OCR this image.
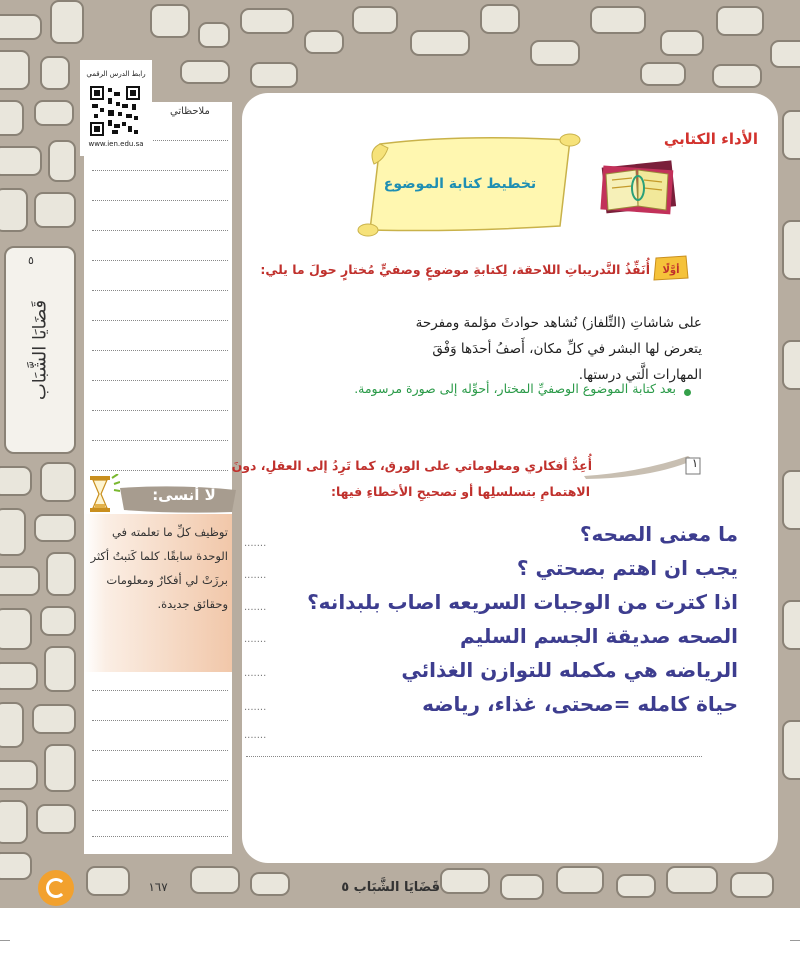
ملاحظاتي
رابط الدرس الرقمي
www.ien.edu.sa
٥
قَضَايَا الشَّبَاب
الأداء الكتابي
تخطيط كتابة الموضوع
أوَّلًا
أُنَفِّذُ التَّدريباتِ اللاحقة، لِكتابةِ موضوعٍ وصفيٍّ مُختارٍ حولَ ما يلي:
على شاشاتِ (التِّلفاز) نُشاهد حوادثَ مؤلمة ومفرحة يتعرض لها البشر في كلِّ مكان، أَصفُ أحدَها وَفْقَ المهارات الَّتي درستها.
بعد كتابة الموضوع الوصفيِّ المختار، أحوِّله إلى صورة مرسومة.
١
أُعِدُّ أفكاري ومعلوماتي على الورق، كما تَرِدُ إلى العقلِ، دونَ
الاهتمامِ بتسلسلِها أو تصحيحِ الأخطاءِ فيها:
ما معنى الصحه؟
يجب ان اهتم بصحتي ؟
اذا كترت من الوجبات السريعه اصاب بلبدانه؟
الصحه صديقة الجسم السليم
الرياضه هي مكمله للتوازن الغذائي
حياة كامله =صحتى، غذاء، رياضه
.......
.......
.......
.......
.......
.......
.......
لا أنسى:
توظيف كلِّ ما تعلمته في الوحدة سابقًا. كلما كَتبتُ أكثر برزَتْ لي أفكارٌ ومعلومات وحقائق جديدة.
قَضَايَا الشَّبَاب ٥
١٦٧
